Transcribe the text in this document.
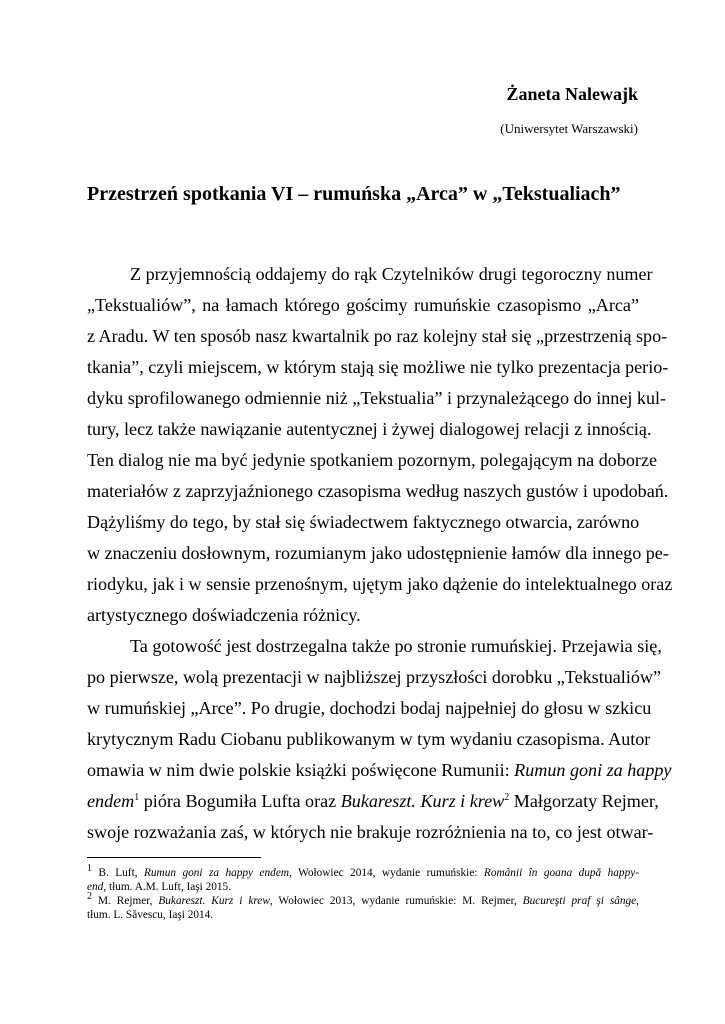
Żaneta Nalewajk
(Uniwersytet Warszawski)
Przestrzeń spotkania VI – rumuńska „Arca” w „Tekstualiach”
Z przyjemnością oddajemy do rąk Czytelników drugi tegoroczny numer
„Tekstualiów”, na łamach którego gościmy rumuńskie czasopismo „Arca”
z Aradu. W ten sposób nasz kwartalnik po raz kolejny stał się „przestrzenią spo-
tkania”, czyli miejscem, w którym stają się możliwe nie tylko prezentacja perio-
dyku sprofilowanego odmiennie niż „Tekstualia” i przynależącego do innej kul-
tury, lecz także nawiązanie autentycznej i żywej dialogowej relacji z innością.
Ten dialog nie ma być jedynie spotkaniem pozornym, polegającym na doborze
materiałów z zaprzyjaźnionego czasopisma według naszych gustów i upodobań.
Dążyliśmy do tego, by stał się świadectwem faktycznego otwarcia, zarówno
w znaczeniu dosłownym, rozumianym jako udostępnienie łamów dla innego pe-
riodyku, jak i w sensie przenośnym, ujętym jako dążenie do intelektualnego oraz
artystycznego doświadczenia różnicy.
Ta gotowość jest dostrzegalna także po stronie rumuńskiej. Przejawia się,
po pierwsze, wolą prezentacji w najbliższej przyszłości dorobku „Tekstualiów”
w rumuńskiej „Arce”. Po drugie, dochodzi bodaj najpełniej do głosu w szkicu
krytycznym Radu Ciobanu publikowanym w tym wydaniu czasopisma. Autor
omawia w nim dwie polskie książki poświęcone Rumunii: Rumun goni za happy
endem$^1$ pióra Bogumiła Lufta oraz Bukareszt. Kurz i krew$^2$ Małgorzaty Rejmer,
swoje rozważania zaś, w których nie brakuje rozróżnienia na to, co jest otwar-
$^1$ B. Luft, Rumun goni za happy endem, Wołowiec 2014, wydanie rumuńskie: Românii în goana după happy-
end, tłum. A.M. Luft, Iaşi 2015.
$^2$ M. Rejmer, Bukareszt. Kurz i krew, Wołowiec 2013, wydanie rumuńskie: M. Rejmer, Bucureşti praf şi sânge,
tłum. L. Săvescu, Iaşi 2014.
